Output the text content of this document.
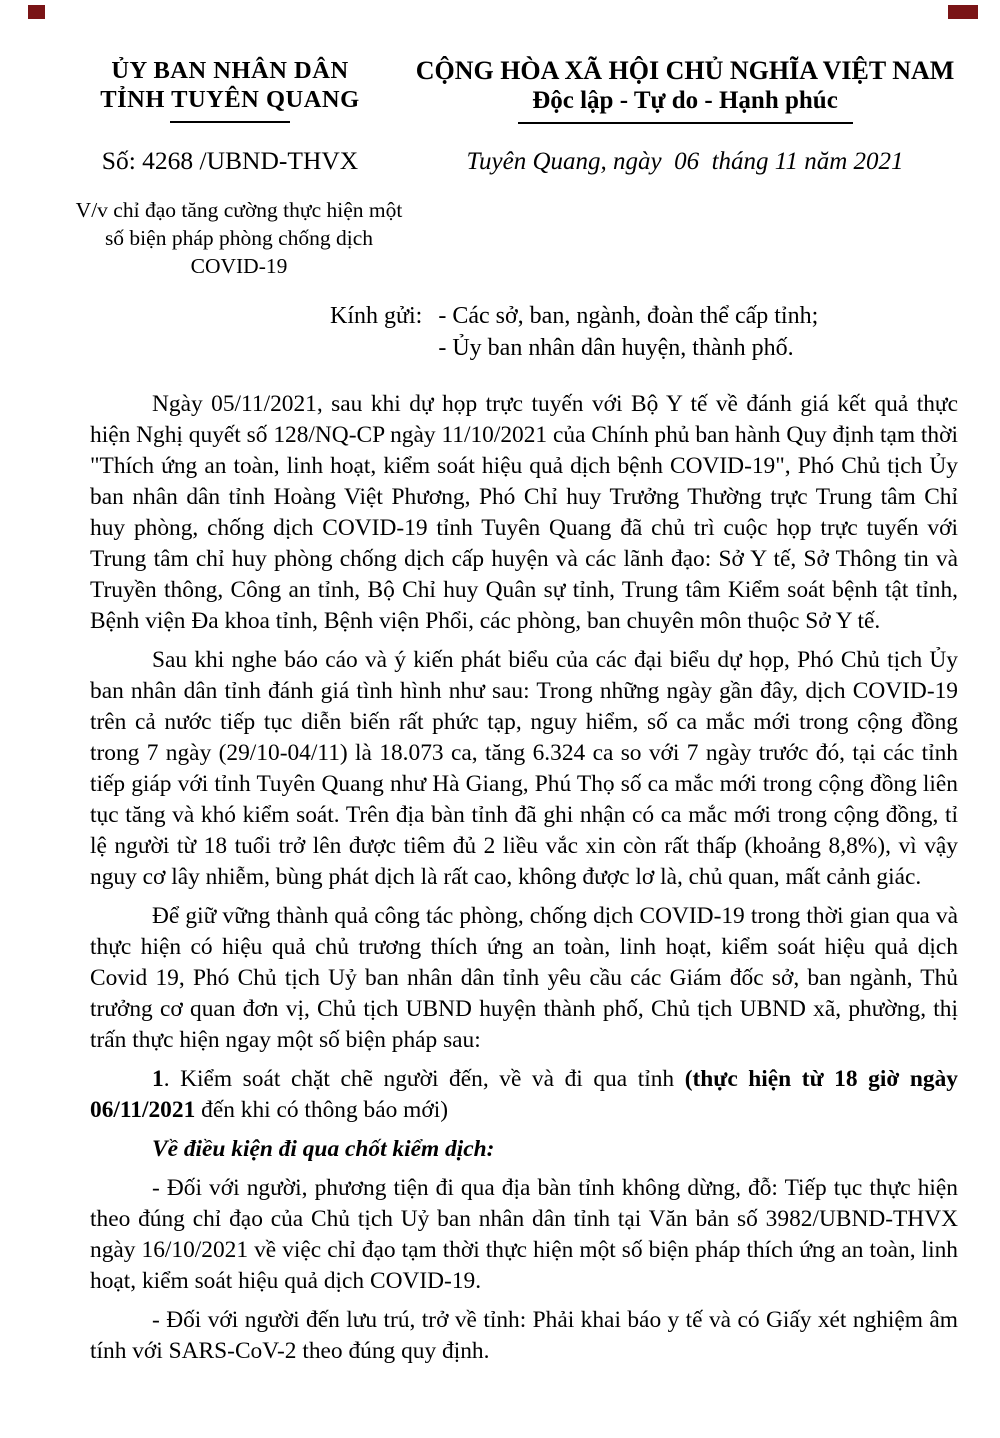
ỦY BAN NHÂN DÂN
TỈNH TUYÊN QUANG
CỘNG HÒA XÃ HỘI CHỦ NGHĨA VIỆT NAM
Độc lập - Tự do - Hạnh phúc
Số: 4268 /UBND-THVX	Tuyên Quang, ngày  06  tháng 11 năm 2021
V/v chỉ đạo tăng cường thực hiện một
số biện pháp phòng chống dịch
COVID-19
Kính gửi: - Các sở, ban, ngành, đoàn thể cấp tỉnh;
- Ủy ban nhân dân huyện, thành phố.

Ngày 05/11/2021, sau khi dự họp trực tuyến với Bộ Y tế về đánh giá kết quả thực hiện Nghị quyết số 128/NQ-CP ngày 11/10/2021 của Chính phủ ban hành Quy định tạm thời "Thích ứng an toàn, linh hoạt, kiểm soát hiệu quả dịch bệnh COVID-19", Phó Chủ tịch Ủy ban nhân dân tỉnh Hoàng Việt Phương, Phó Chỉ huy Trưởng Thường trực Trung tâm Chỉ huy phòng, chống dịch COVID-19 tỉnh Tuyên Quang đã chủ trì cuộc họp trực tuyến với Trung tâm chỉ huy phòng chống dịch cấp huyện và các lãnh đạo: Sở Y tế, Sở Thông tin và Truyền thông, Công an tỉnh, Bộ Chỉ huy Quân sự tỉnh, Trung tâm Kiểm soát bệnh tật tỉnh, Bệnh viện Đa khoa tỉnh, Bệnh viện Phổi, các phòng, ban chuyên môn thuộc Sở Y tế.

Sau khi nghe báo cáo và ý kiến phát biểu của các đại biểu dự họp, Phó Chủ tịch Ủy ban nhân dân tỉnh đánh giá tình hình như sau: Trong những ngày gần đây, dịch COVID-19 trên cả nước tiếp tục diễn biến rất phức tạp, nguy hiểm, số ca mắc mới trong cộng đồng trong 7 ngày (29/10-04/11) là 18.073 ca, tăng 6.324 ca so với 7 ngày trước đó, tại các tỉnh tiếp giáp với tỉnh Tuyên Quang như Hà Giang, Phú Thọ số ca mắc mới trong cộng đồng liên tục tăng và khó kiểm soát. Trên địa bàn tỉnh đã ghi nhận có ca mắc mới trong cộng đồng, tỉ lệ người từ 18 tuổi trở lên được tiêm đủ 2 liều vắc xin còn rất thấp (khoảng 8,8%), vì vậy nguy cơ lây nhiễm, bùng phát dịch là rất cao, không được lơ là, chủ quan, mất cảnh giác.

Để giữ vững thành quả công tác phòng, chống dịch COVID-19 trong thời gian qua và thực hiện có hiệu quả chủ trương thích ứng an toàn, linh hoạt, kiểm soát hiệu quả dịch Covid 19, Phó Chủ tịch Uỷ ban nhân dân tỉnh yêu cầu các Giám đốc sở, ban ngành, Thủ trưởng cơ quan đơn vị, Chủ tịch UBND huyện thành phố, Chủ tịch UBND xã, phường, thị trấn thực hiện ngay một số biện pháp sau:

1. Kiểm soát chặt chẽ người đến, về và đi qua tỉnh (thực hiện từ 18 giờ ngày 06/11/2021 đến khi có thông báo mới)

Về điều kiện đi qua chốt kiểm dịch:

- Đối với người, phương tiện đi qua địa bàn tỉnh không dừng, đỗ: Tiếp tục thực hiện theo đúng chỉ đạo của Chủ tịch Uỷ ban nhân dân tỉnh tại Văn bản số 3982/UBND-THVX ngày 16/10/2021 về việc chỉ đạo tạm thời thực hiện một số biện pháp thích ứng an toàn, linh hoạt, kiểm soát hiệu quả dịch COVID-19.

- Đối với người đến lưu trú, trở về tỉnh: Phải khai báo y tế và có Giấy xét nghiệm âm tính với SARS-CoV-2 theo đúng quy định.
